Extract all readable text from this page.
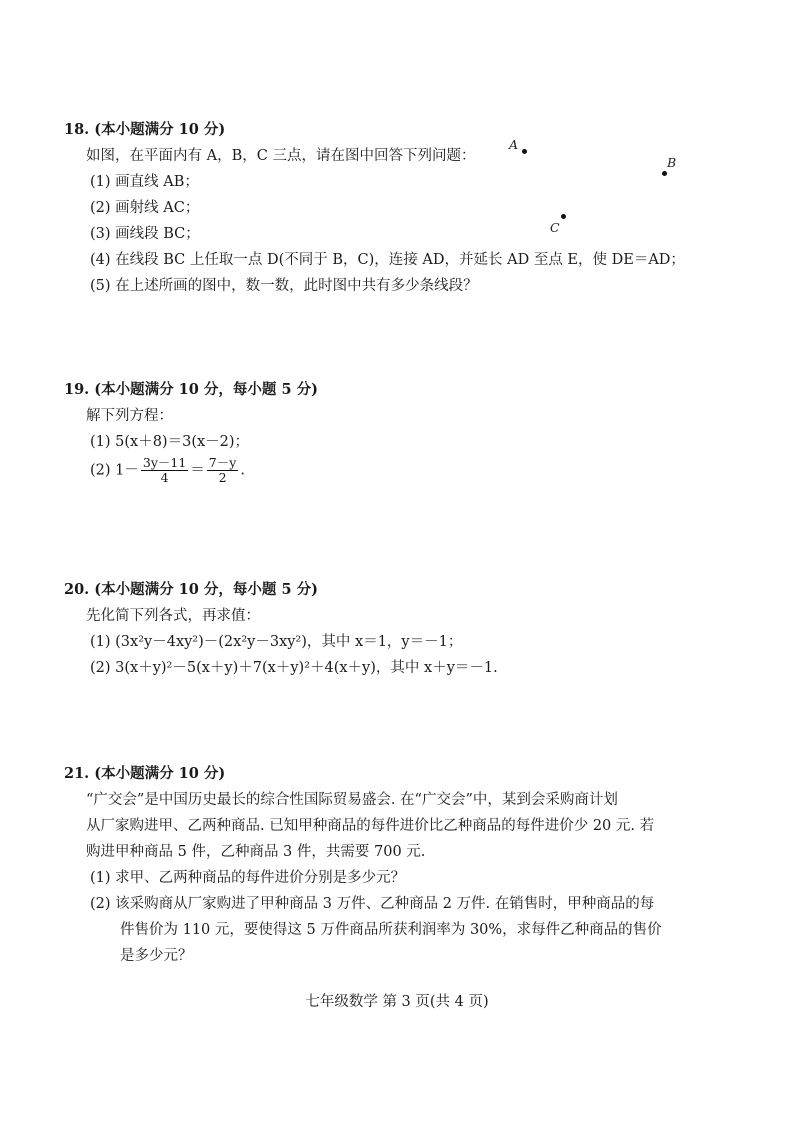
18. (本小题满分 10 分)
如图，在平面内有 A，B，C 三点，请在图中回答下列问题：
(1) 画直线 AB；
(2) 画射线 AC；
(3) 画线段 BC；
(4) 在线段 BC 上任取一点 D(不同于 B，C)，连接 AD，并延长 AD 至点 E，使 DE＝AD；
(5) 在上述所画的图中，数一数，此时图中共有多少条线段？
A
B
C
19. (本小题满分 10 分，每小题 5 分)
解下列方程：
(1) 5(x＋8)＝3(x－2)；
(2) $1- \frac{3y-11}{4} = \frac{7-y}{2}$ .
20. (本小题满分 10 分，每小题 5 分)
先化简下列各式，再求值：
(1) (3x²y－4xy²)－(2x²y－3xy²)，其中 x＝1，y＝－1；
(2) 3(x＋y)²－5(x＋y)＋7(x＋y)²＋4(x＋y)，其中 x＋y＝－1.
21. (本小题满分 10 分)
“广交会”是中国历史最长的综合性国际贸易盛会. 在“广交会”中，某到会采购商计划
从厂家购进甲、乙两种商品. 已知甲种商品的每件进价比乙种商品的每件进价少 20 元. 若
购进甲种商品 5 件，乙种商品 3 件，共需要 700 元.
(1) 求甲、乙两种商品的每件进价分别是多少元？
(2) 该采购商从厂家购进了甲种商品 3 万件、乙种商品 2 万件. 在销售时，甲种商品的每
件售价为 110 元，要使得这 5 万件商品所获利润率为 30%，求每件乙种商品的售价
是多少元？
七年级数学 第 3 页(共 4 页)
